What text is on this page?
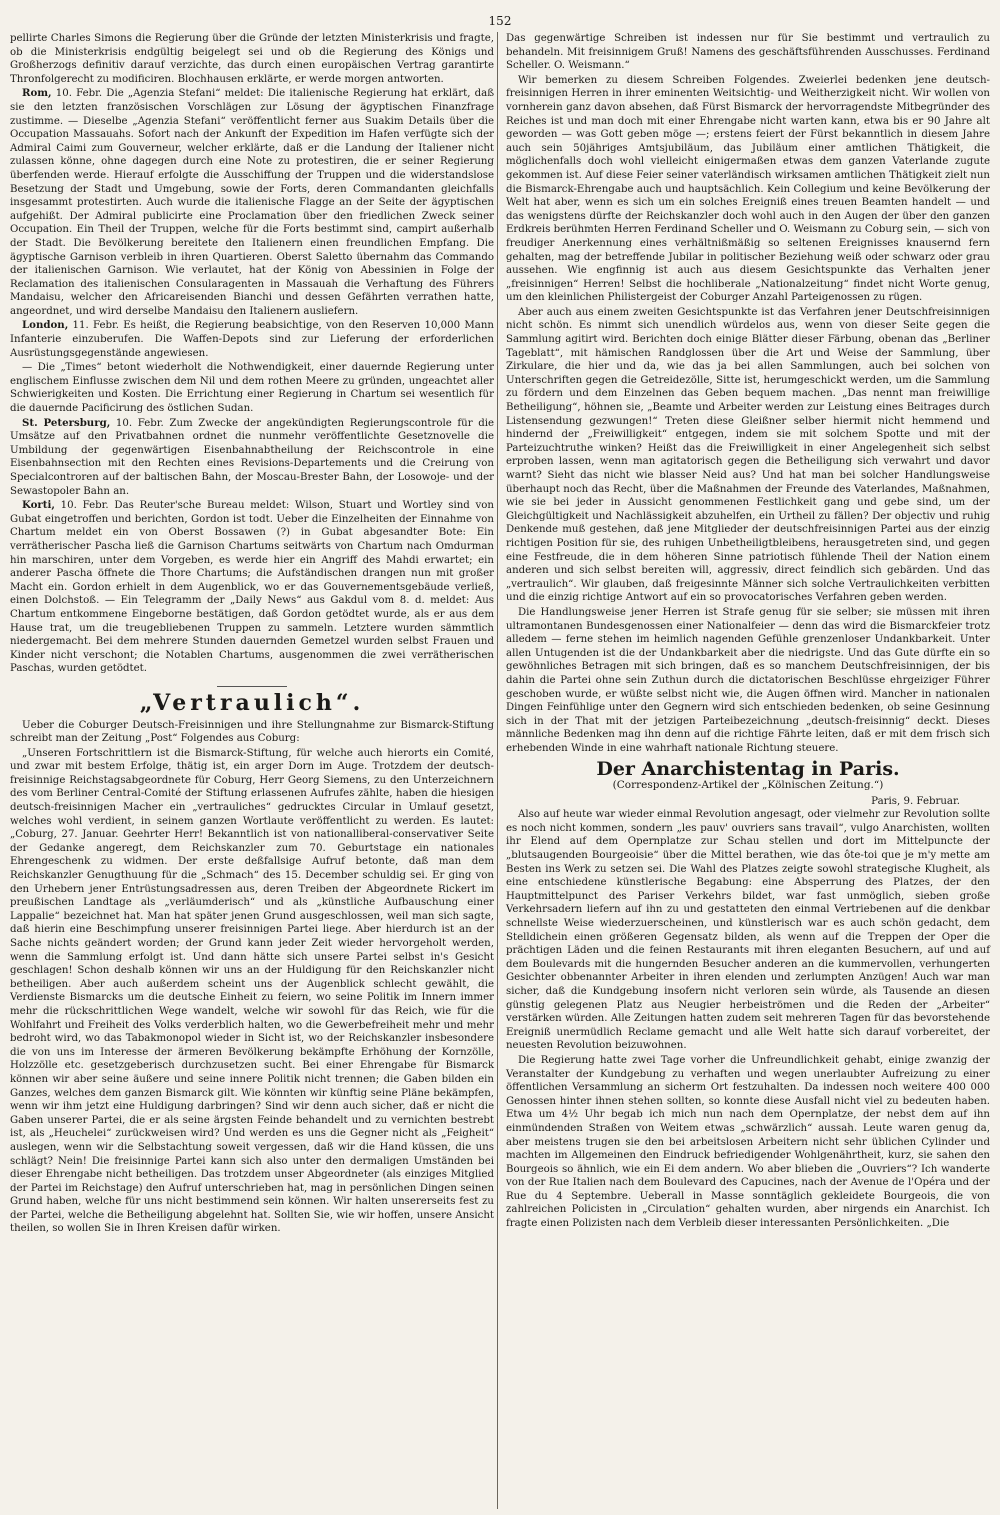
152

pellirte Charles Simons die Regierung über die Gründe der letzten Ministerkrisis und fragte, ob die Ministerkrisis endgültig beigelegt sei und ob die Regierung des Königs und Großherzogs definitiv darauf verzichte, das durch einen europäischen Vertrag garantirte Thronfolgerecht zu modificiren. Blochhausen erklärte, er werde morgen antworten.

Rom, 10. Febr. Die „Agenzia Stefani“ meldet: Die italienische Regierung hat erklärt, daß sie den letzten französischen Vorschlägen zur Lösung der ägyptischen Finanzfrage zustimme. — Dieselbe „Agenzia Stefani“ veröffentlicht ferner aus Suakim Details über die Occupation Massauahs. Sofort nach der Ankunft der Expedition im Hafen verfügte sich der Admiral Caimi zum Gouverneur, welcher erklärte, daß er die Landung der Italiener nicht zulassen könne, ohne dagegen durch eine Note zu protestiren, die er seiner Regierung überfenden werde. Hierauf erfolgte die Ausschiffung der Truppen und die widerstandslose Besetzung der Stadt und Umgebung, sowie der Forts, deren Commandanten gleichfalls insgesammt protestirten. Auch wurde die italienische Flagge an der Seite der ägyptischen aufgehißt. Der Admiral publicirte eine Proclamation über den friedlichen Zweck seiner Occupation. Ein Theil der Truppen, welche für die Forts bestimmt sind, campirt außerhalb der Stadt. Die Bevölkerung bereitete den Italienern einen freundlichen Empfang. Die ägyptische Garnison verbleib in ihren Quartieren. Oberst Saletto übernahm das Commando der italienischen Garnison. Wie verlautet, hat der König von Abessinien in Folge der Reclamation des italienischen Consularagenten in Massauah die Verhaftung des Führers Mandaisu, welcher den Africareisenden Bianchi und dessen Gefährten verrathen hatte, angeordnet, und wird derselbe Mandaisu den Italienern ausliefern.

London, 11. Febr. Es heißt, die Regierung beabsichtige, von den Reserven 10,000 Mann Infanterie einzuberufen. Die Waffen-Depots sind zur Lieferung der erforderlichen Ausrüstungsgegenstände angewiesen.

— Die „Times“ betont wiederholt die Nothwendigkeit, einer dauernde Regierung unter englischem Einflusse zwischen dem Nil und dem rothen Meere zu gründen, ungeachtet aller Schwierigkeiten und Kosten. Die Errichtung einer Regierung in Chartum sei wesentlich für die dauernde Pacificirung des östlichen Sudan.

St. Petersburg, 10. Febr. Zum Zwecke der angekündigten Regierungscontrole für die Umsätze auf den Privatbahnen ordnet die nunmehr veröffentlichte Gesetznovelle die Umbildung der gegenwärtigen Eisenbahnabtheilung der Reichscontrole in eine Eisenbahnsection mit den Rechten eines Revisions-Departements und die Creirung von Specialcontroren auf der baltischen Bahn, der Moscau-Brester Bahn, der Losowoje- und der Sewastopoler Bahn an.

Korti, 10. Febr. Das Reuter'sche Bureau meldet: Wilson, Stuart und Wortley sind von Gubat eingetroffen und berichten, Gordon ist todt. Ueber die Einzelheiten der Einnahme von Chartum meldet ein von Oberst Bossawen (?) in Gubat abgesandter Bote: Ein verrätherischer Pascha ließ die Garnison Chartums seitwärts von Chartum nach Omdurman hin marschiren, unter dem Vorgeben, es werde hier ein Angriff des Mahdi erwartet; ein anderer Pascha öffnete die Thore Chartums; die Aufständischen drangen nun mit großer Macht ein. Gordon erhielt in dem Augenblick, wo er das Gouvernementsgebäude verließ, einen Dolchstoß. — Ein Telegramm der „Daily News“ aus Gakdul vom 8. d. meldet: Aus Chartum entkommene Eingeborne bestätigen, daß Gordon getödtet wurde, als er aus dem Hause trat, um die treugebliebenen Truppen zu sammeln. Letztere wurden sämmtlich niedergemacht. Bei dem mehrere Stunden dauernden Gemetzel wurden selbst Frauen und Kinder nicht verschont; die Notablen Chartums, ausgenommen die zwei verrätherischen Paschas, wurden getödtet.

„Vertraulich“.

Ueber die Coburger Deutsch-Freisinnigen und ihre Stellungnahme zur Bismarck-Stiftung schreibt man der Zeitung „Post“ Folgendes aus Coburg:

„Unseren Fortschrittlern ist die Bismarck-Stiftung, für welche auch hierorts ein Comité, und zwar mit bestem Erfolge, thätig ist, ein arger Dorn im Auge. Trotzdem der deutsch-freisinnige Reichstagsabgeordnete für Coburg, Herr Georg Siemens, zu den Unterzeichnern des vom Berliner Central-Comité der Stiftung erlassenen Aufrufes zählte, haben die hiesigen deutsch-freisinnigen Macher ein „vertrauliches“ gedrucktes Circular in Umlauf gesetzt, welches wohl verdient, in seinem ganzen Wortlaute veröffentlicht zu werden. Es lautet: „Coburg, 27. Januar. Geehrter Herr! Bekanntlich ist von nationalliberal-conservativer Seite der Gedanke angeregt, dem Reichskanzler zum 70. Geburtstage ein nationales Ehrengeschenk zu widmen. Der erste deßfallsige Aufruf betonte, daß man dem Reichskanzler Genugthuung für die „Schmach“ des 15. December schuldig sei. Er ging von den Urhebern jener Entrüstungsadressen aus, deren Treiben der Abgeordnete Rickert im preußischen Landtage als „verläumderisch“ und als „künstliche Aufbauschung einer Lappalie“ bezeichnet hat. Man hat später jenen Grund ausgeschlossen, weil man sich sagte, daß hierin eine Beschimpfung unserer freisinnigen Partei liege. Aber hierdurch ist an der Sache nichts geändert worden; der Grund kann jeder Zeit wieder hervorgeholt werden, wenn die Sammlung erfolgt ist. Und dann hätte sich unsere Partei selbst in's Gesicht geschlagen! Schon deshalb können wir uns an der Huldigung für den Reichskanzler nicht betheiligen. Aber auch außerdem scheint uns der Augenblick schlecht gewählt, die Verdienste Bismarcks um die deutsche Einheit zu feiern, wo seine Politik im Innern immer mehr die rückschrittlichen Wege wandelt, welche wir sowohl für das Reich, wie für die Wohlfahrt und Freiheit des Volks verderblich halten, wo die Gewerbefreiheit mehr und mehr bedroht wird, wo das Tabakmonopol wieder in Sicht ist, wo der Reichskanzler insbesondere die von uns im Interesse der ärmeren Bevölkerung bekämpfte Erhöhung der Kornzölle, Holzzölle etc. gesetzgeberisch durchzusetzen sucht. Bei einer Ehrengabe für Bismarck können wir aber seine äußere und seine innere Politik nicht trennen; die Gaben bilden ein Ganzes, welches dem ganzen Bismarck gilt. Wie könnten wir künftig seine Pläne bekämpfen, wenn wir ihm jetzt eine Huldigung darbringen? Sind wir denn auch sicher, daß er nicht die Gaben unserer Partei, die er als seine ärgsten Feinde behandelt und zu vernichten bestrebt ist, als „Heuchelei“ zurückweisen wird? Und werden es uns die Gegner nicht als „Feigheit“ auslegen, wenn wir die Selbstachtung soweit vergessen, daß wir die Hand küssen, die uns schlägt? Nein! Die freisinnige Partei kann sich also unter den dermaligen Umständen bei dieser Ehrengabe nicht betheiligen. Das trotzdem unser Abgeordneter (als einziges Mitglied der Partei im Reichstage) den Aufruf unterschrieben hat, mag in persönlichen Dingen seinen Grund haben, welche für uns nicht bestimmend sein können. Wir halten unsererseits fest zu der Partei, welche die Betheiligung abgelehnt hat. Sollten Sie, wie wir hoffen, unsere Ansicht theilen, so wollen Sie in Ihren Kreisen dafür wirken.

Das gegenwärtige Schreiben ist indessen nur für Sie bestimmt und vertraulich zu behandeln. Mit freisinnigem Gruß! Namens des geschäftsführenden Ausschusses. Ferdinand Scheller. O. Weismann.“

Wir bemerken zu diesem Schreiben Folgendes. Zweierlei bedenken jene deutsch-freisinnigen Herren in ihrer eminenten Weitsichtig- und Weitherzigkeit nicht. Wir wollen von vornherein ganz davon absehen, daß Fürst Bismarck der hervorragendste Mitbegründer des Reiches ist und man doch mit einer Ehrengabe nicht warten kann, etwa bis er 90 Jahre alt geworden — was Gott geben möge —; erstens feiert der Fürst bekanntlich in diesem Jahre auch sein 50jähriges Amtsjubiläum, das Jubiläum einer amtlichen Thätigkeit, die möglichenfalls doch wohl vielleicht einigermaßen etwas dem ganzen Vaterlande zugute gekommen ist. Auf diese Feier seiner vaterländisch wirksamen amtlichen Thätigkeit zielt nun die Bismarck-Ehrengabe auch und hauptsächlich. Kein Collegium und keine Bevölkerung der Welt hat aber, wenn es sich um ein solches Ereigniß eines treuen Beamten handelt — und das wenigstens dürfte der Reichskanzler doch wohl auch in den Augen der über den ganzen Erdkreis berühmten Herren Ferdinand Scheller und O. Weismann zu Coburg sein, — sich von freudiger Anerkennung eines verhältnißmäßig so seltenen Ereignisses knausernd fern gehalten, mag der betreffende Jubilar in politischer Beziehung weiß oder schwarz oder grau aussehen. Wie engfinnig ist auch aus diesem Gesichtspunkte das Verhalten jener „freisinnigen“ Herren! Selbst die hochliberale „Nationalzeitung“ findet nicht Worte genug, um den kleinlichen Philistergeist der Coburger Anzahl Parteigenossen zu rügen.

Aber auch aus einem zweiten Gesichtspunkte ist das Verfahren jener Deutschfreisinnigen nicht schön. Es nimmt sich unendlich würdelos aus, wenn von dieser Seite gegen die Sammlung agitirt wird. Berichten doch einige Blätter dieser Färbung, obenan das „Berliner Tageblatt“, mit hämischen Randglossen über die Art und Weise der Sammlung, über Zirkulare, die hier und da, wie das ja bei allen Sammlungen, auch bei solchen von Unterschriften gegen die Getreidezölle, Sitte ist, herumgeschickt werden, um die Sammlung zu fördern und dem Einzelnen das Geben bequem machen. „Das nennt man freiwillige Betheiligung“, höhnen sie, „Beamte und Arbeiter werden zur Leistung eines Beitrages durch Listensendung gezwungen!“ Treten diese Gleißner selber hiermit nicht hemmend und hindernd der „Freiwilligkeit“ entgegen, indem sie mit solchem Spotte und mit der Parteizuchtruthe winken? Heißt das die Freiwilligkeit in einer Angelegenheit sich selbst erproben lassen, wenn man agitatorisch gegen die Betheiligung sich verwahrt und davor warnt? Sieht das nicht wie blasser Neid aus? Und hat man bei solcher Handlungsweise überhaupt noch das Recht, über die Maßnahmen der Freunde des Vaterlandes, Maßnahmen, wie sie bei jeder in Aussicht genommenen Festlichkeit gang und gebe sind, um der Gleichgültigkeit und Nachlässigkeit abzuhelfen, ein Urtheil zu fällen? Der objectiv und ruhig Denkende muß gestehen, daß jene Mitglieder der deutschfreisinnigen Partei aus der einzig richtigen Position für sie, des ruhigen Unbetheiligtbleibens, herausgetreten sind, und gegen eine Festfreude, die in dem höheren Sinne patriotisch fühlende Theil der Nation einem anderen und sich selbst bereiten will, aggressiv, direct feindlich sich gebärden. Und das „vertraulich“. Wir glauben, daß freigesinnte Männer sich solche Vertraulichkeiten verbitten und die einzig richtige Antwort auf ein so provocatorisches Verfahren geben werden.

Die Handlungsweise jener Herren ist Strafe genug für sie selber; sie müssen mit ihren ultramontanen Bundesgenossen einer Nationalfeier — denn das wird die Bismarckfeier trotz alledem — ferne stehen im heimlich nagenden Gefühle grenzenloser Undankbarkeit. Unter allen Untugenden ist die der Undankbarkeit aber die niedrigste. Und das Gute dürfte ein so gewöhnliches Betragen mit sich bringen, daß es so manchem Deutschfreisinnigen, der bis dahin die Partei ohne sein Zuthun durch die dictatorischen Beschlüsse ehrgeiziger Führer geschoben wurde, er wüßte selbst nicht wie, die Augen öffnen wird. Mancher in nationalen Dingen Feinfühlige unter den Gegnern wird sich entschieden bedenken, ob seine Gesinnung sich in der That mit der jetzigen Parteibezeichnung „deutsch-freisinnig“ deckt. Dieses männliche Bedenken mag ihn denn auf die richtige Fährte leiten, daß er mit dem frisch sich erhebenden Winde in eine wahrhaft nationale Richtung steuere.

Der Anarchistentag in Paris.
(Correspondenz-Artikel der „Kölnischen Zeitung.“)
Paris, 9. Februar.

Also auf heute war wieder einmal Revolution angesagt, oder vielmehr zur Revolution sollte es noch nicht kommen, sondern „les pauv' ouvriers sans travail“, vulgo Anarchisten, wollten ihr Elend auf dem Opernplatze zur Schau stellen und dort im Mittelpuncte der „blutsaugenden Bourgeoisie“ über die Mittel berathen, wie das ôte-toi que je m'y mette am Besten ins Werk zu setzen sei. Die Wahl des Platzes zeigte sowohl strategische Klugheit, als eine entschiedene künstlerische Begabung: eine Absperrung des Platzes, der den Hauptmittelpunct des Pariser Verkehrs bildet, war fast unmöglich, sieben große Verkehrsadern liefern auf ihn zu und gestatteten den einmal Vertriebenen auf die denkbar schnellste Weise wiederzuerscheinen, und künstlerisch war es auch schön gedacht, dem Stelldichein einen größeren Gegensatz bilden, als wenn auf die Treppen der Oper die prächtigen Läden und die feinen Restaurants mit ihren eleganten Besuchern, auf und auf dem Boulevards mit die hungernden Besucher anderen an die kummervollen, verhungerten Gesichter obbenannter Arbeiter in ihren elenden und zerlumpten Anzügen! Auch war man sicher, daß die Kundgebung insofern nicht verloren sein würde, als Tausende an diesen günstig gelegenen Platz aus Neugier herbeiströmen und die Reden der „Arbeiter“ verstärken würden. Alle Zeitungen hatten zudem seit mehreren Tagen für das bevorstehende Ereigniß unermüdlich Reclame gemacht und alle Welt hatte sich darauf vorbereitet, der neuesten Revolution beizuwohnen.

Die Regierung hatte zwei Tage vorher die Unfreundlichkeit gehabt, einige zwanzig der Veranstalter der Kundgebung zu verhaften und wegen unerlaubter Aufreizung zu einer öffentlichen Versammlung an sicherm Ort festzuhalten. Da indessen noch weitere 400 000 Genossen hinter ihnen stehen sollten, so konnte diese Ausfall nicht viel zu bedeuten haben. Etwa um 4½ Uhr begab ich mich nun nach dem Opernplatze, der nebst dem auf ihn einmündenden Straßen von Weitem etwas „schwärzlich“ aussah. Leute waren genug da, aber meistens trugen sie den bei arbeitslosen Arbeitern nicht sehr üblichen Cylinder und machten im Allgemeinen den Eindruck befriedigender Wohlgenährtheit, kurz, sie sahen den Bourgeois so ähnlich, wie ein Ei dem andern. Wo aber blieben die „Ouvriers“? Ich wanderte von der Rue Italien nach dem Boulevard des Capucines, nach der Avenue de l'Opéra und der Rue du 4 Septembre. Ueberall in Masse sonntäglich gekleidete Bourgeois, die von zahlreichen Policisten in „Circulation“ gehalten wurden, aber nirgends ein Anarchist. Ich fragte einen Polizisten nach dem Verbleib dieser interessanten Persönlichkeiten. „Die
